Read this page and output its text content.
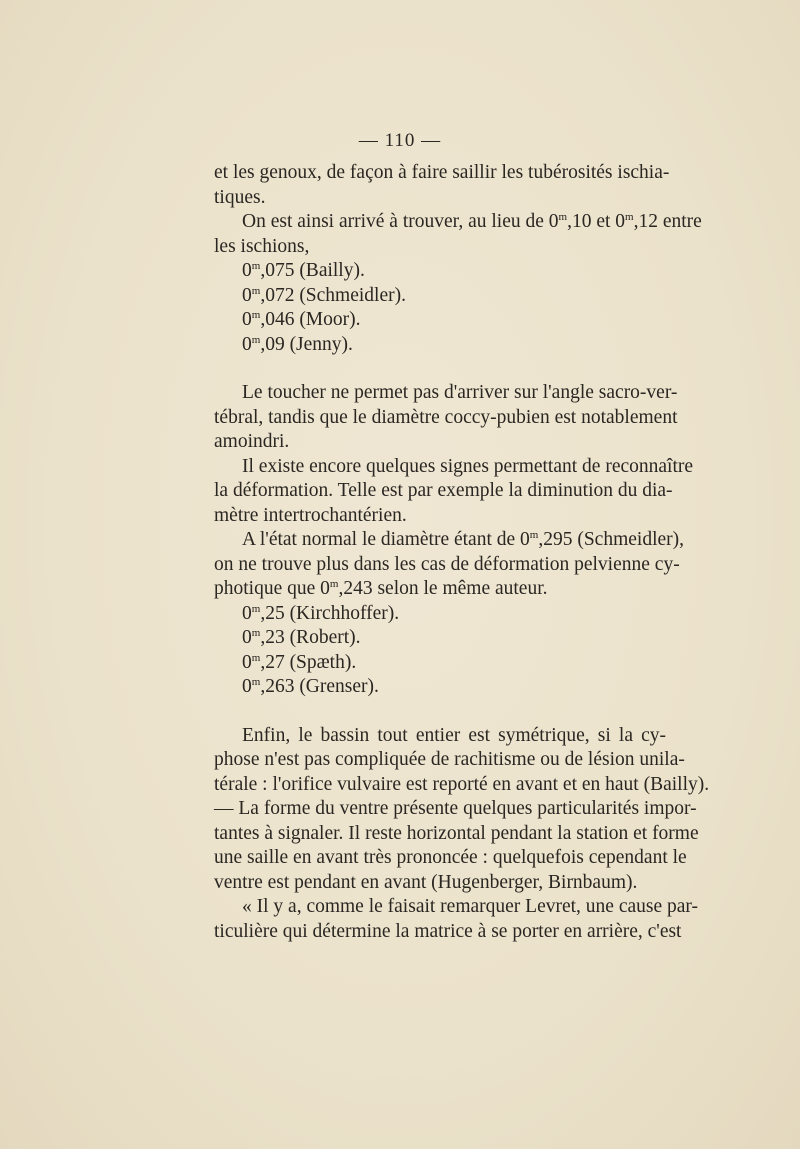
— 110 —
et les genoux, de façon à faire saillir les tubérosités ischia-
tiques.
On est ainsi arrivé à trouver, au lieu de 0$^m$,10 et 0$^m$,12 entre
les ischions,
0$^m$,075 (Bailly).
0$^m$,072 (Schmeidler).
0$^m$,046 (Moor).
0$^m$,09 (Jenny).
Le toucher ne permet pas d'arriver sur l'angle sacro-ver-
tébral, tandis que le diamètre coccy-pubien est notablement
amoindri.
Il existe encore quelques signes permettant de reconnaître
la déformation. Telle est par exemple la diminution du dia-
mètre intertrochantérien.
A l'état normal le diamètre étant de 0$^m$,295 (Schmeidler),
on ne trouve plus dans les cas de déformation pelvienne cy-
photique que 0$^m$,243 selon le même auteur.
0$^m$,25 (Kirchhoffer).
0$^m$,23 (Robert).
0$^m$,27 (Spæth).
0$^m$,263 (Grenser).
Enfin, le bassin tout entier est symétrique, si la cy-
phose n'est pas compliquée de rachitisme ou de lésion unila-
térale : l'orifice vulvaire est reporté en avant et en haut (Bailly).
— La forme du ventre présente quelques particularités impor-
tantes à signaler. Il reste horizontal pendant la station et forme
une saille en avant très prononcée : quelquefois cependant le
ventre est pendant en avant (Hugenberger, Birnbaum).
« Il y a, comme le faisait remarquer Levret, une cause par-
ticulière qui détermine la matrice à se porter en arrière, c'est
